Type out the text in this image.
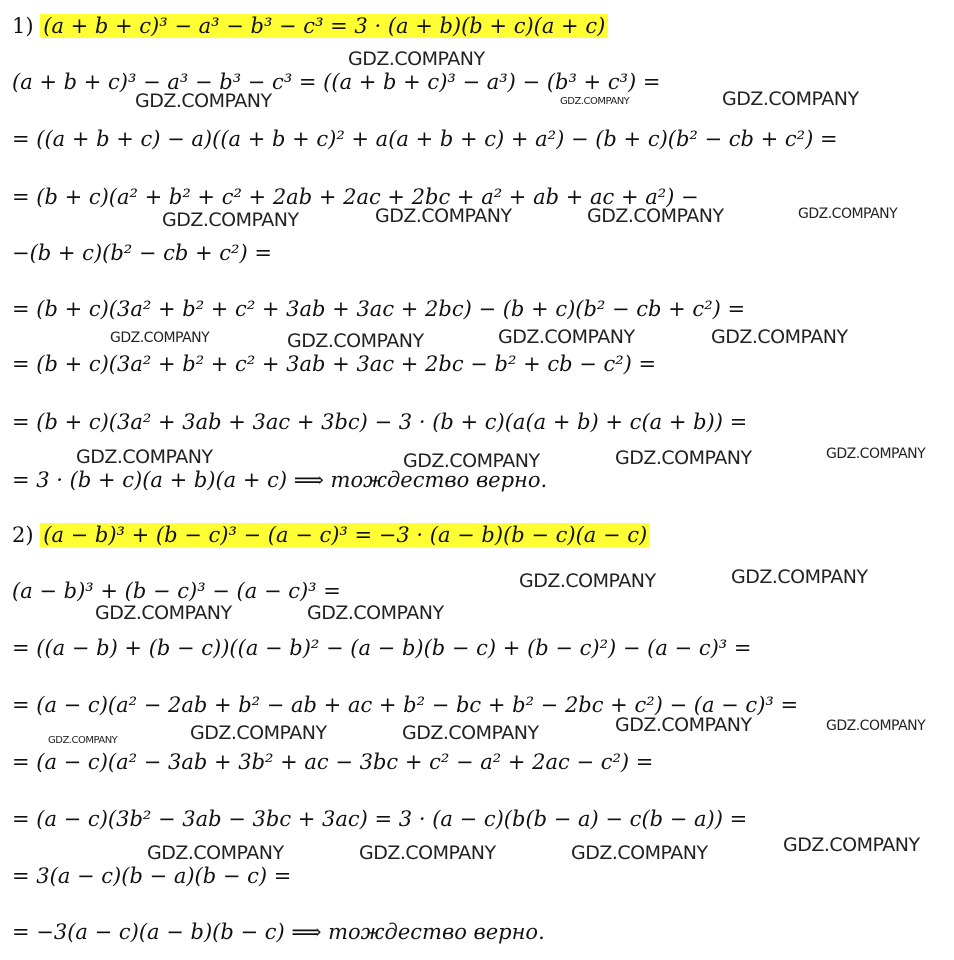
1) (a + b + c)³ − a³ − b³ − c³ = 3 · (a + b)(b + c)(a + c)
(a + b + c)³ − a³ − b³ − c³ = ((a + b + c)³ − a³) − (b³ + c³) =
= ((a + b + c) − a)((a + b + c)² + a(a + b + c) + a²) − (b + c)(b² − cb + c²) =
= (b + c)(a² + b² + c² + 2ab + 2ac + 2bc + a² + ab + ac + a²) −
−(b + c)(b² − cb + c²) =
= (b + c)(3a² + b² + c² + 3ab + 3ac + 2bc) − (b + c)(b² − cb + c²) =
= (b + c)(3a² + b² + c² + 3ab + 3ac + 2bc − b² + cb − c²) =
= (b + c)(3a² + 3ab + 3ac + 3bc) − 3 · (b + c)(a(a + b) + c(a + b)) =
= 3 · (b + c)(a + b)(a + c) ⟹ тождество верно.
2) (a − b)³ + (b − c)³ − (a − c)³ = −3 · (a − b)(b − c)(a − c)
(a − b)³ + (b − c)³ − (a − c)³ =
= ((a − b) + (b − c))((a − b)² − (a − b)(b − c) + (b − c)²) − (a − c)³ =
= (a − c)(a² − 2ab + b² − ab + ac + b² − bc + b² − 2bc + c²) − (a − c)³ =
= (a − c)(a² − 3ab + 3b² + ac − 3bc + c² − a² + 2ac − c²) =
= (a − c)(3b² − 3ab − 3bc + 3ac) = 3 · (a − c)(b(b − a) − c(b − a)) =
= 3(a − c)(b − a)(b − c) =
= −3(a − c)(a − b)(b − c) ⟹ тождество верно.
GDZ.COMPANY
GDZ.COMPANY	GDZ.COMPANY	GDZ.COMPANY
GDZ.COMPANY	GDZ.COMPANY	GDZ.COMPANY	GDZ.COMPANY
GDZ.COMPANY	GDZ.COMPANY	GDZ.COMPANY	GDZ.COMPANY
GDZ.COMPANY	GDZ.COMPANY	GDZ.COMPANY	GDZ.COMPANY
GDZ.COMPANY	GDZ.COMPANY
GDZ.COMPANY	GDZ.COMPANY
GDZ.COMPANY	GDZ.COMPANY
GDZ.COMPANY	GDZ.COMPANY	GDZ.COMPANY
GDZ.COMPANY
GDZ.COMPANY	GDZ.COMPANY	GDZ.COMPANY
